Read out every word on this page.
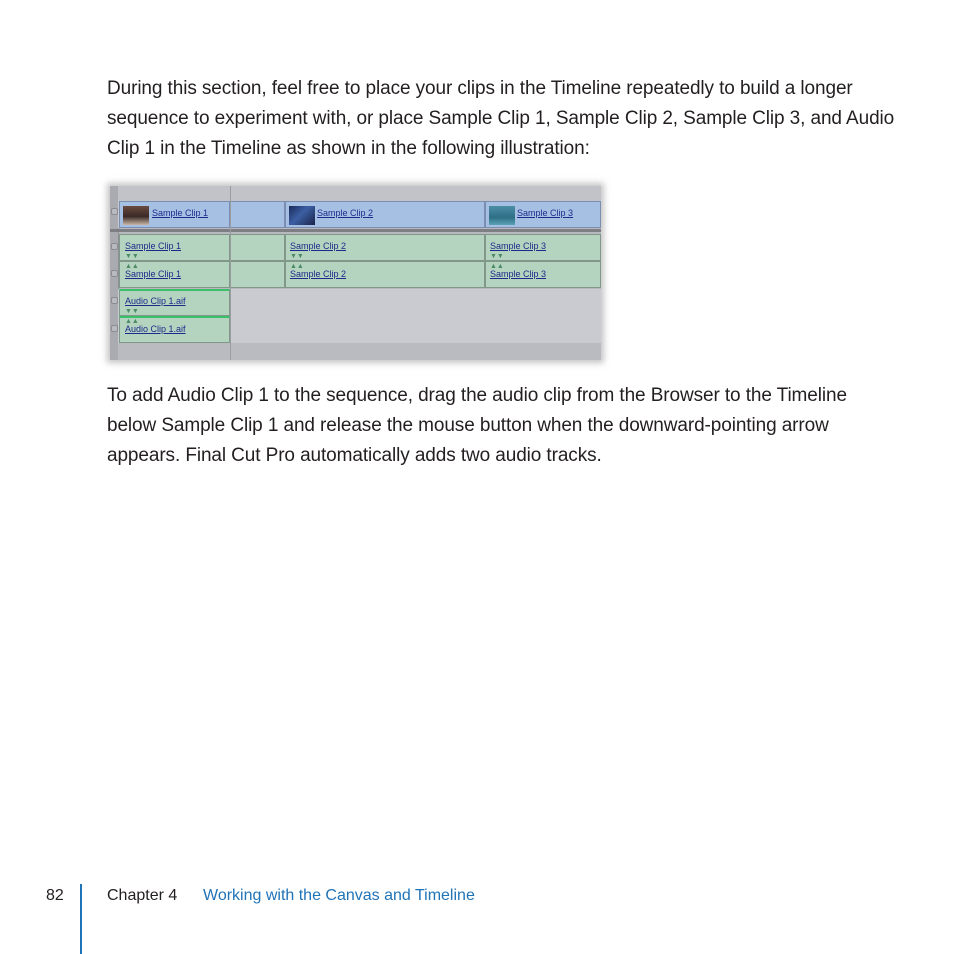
During this section, feel free to place your clips in the Timeline repeatedly to build a longer sequence to experiment with, or place Sample Clip 1, Sample Clip 2, Sample Clip 3, and Audio Clip 1 in the Timeline as shown in the following illustration:

Sample Clip 1	Sample Clip 2	Sample Clip 3
Sample Clip 1
▼▼
Sample Clip 2
▼▼
Sample Clip 3
▼▼
▲▲
Sample Clip 1
▲▲
Sample Clip 2
▲▲
Sample Clip 3
Audio Clip 1.aif
▼▼
▲▲
Audio Clip 1.aif

To add Audio Clip 1 to the sequence, drag the audio clip from the Browser to the Timeline below Sample Clip 1 and release the mouse button when the downward-pointing arrow appears. Final Cut Pro automatically adds two audio tracks.

82	Chapter 4 Working with the Canvas and Timeline
